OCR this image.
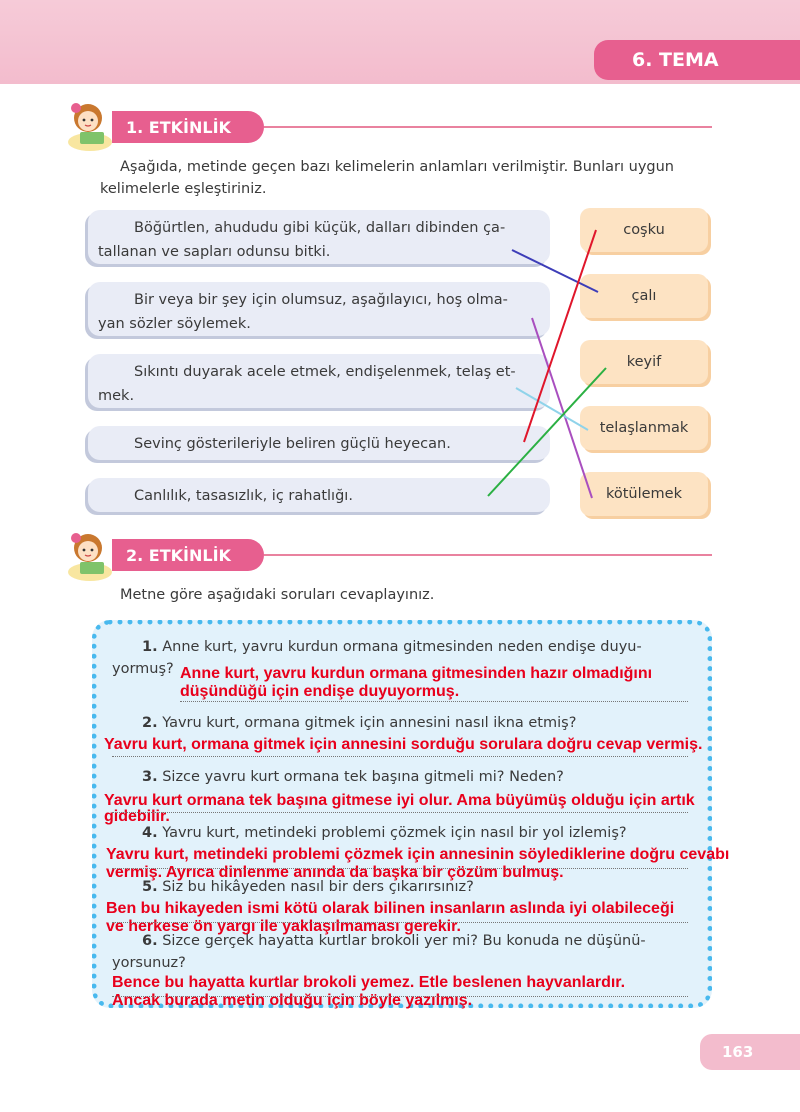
6. TEMA
1. ETKİNLİK

Aşağıda, metinde geçen bazı kelimelerin anlamları verilmiştir. Bunları uygun
kelimelerle eşleştiriniz.

Böğürtlen, ahududu gibi küçük, dalları dibinden ça-
tallanan ve sapları odunsu bitki.
Bir veya bir şey için olumsuz, aşağılayıcı, hoş olma-
yan sözler söylemek.
Sıkıntı duyarak acele etmek, endişelenmek, telaş et-
mek.
Sevinç gösterileriyle beliren güçlü heyecan.
Canlılık, tasasızlık, iç rahatlığı.
coşku
çalı
keyif
telaşlanmak
kötülemek
2. ETKİNLİK

Metne göre aşağıdaki soruları cevaplayınız.

1. Anne kurt, yavru kurdun ormana gitmesinden neden endişe duyu-
yormuş? Anne kurt, yavru kurdun ormana gitmesinden hazır olmadığını
düşündüğü için endişe duyuyormuş.
2. Yavru kurt, ormana gitmek için annesini nasıl ikna etmiş?
Yavru kurt, ormana gitmek için annesini sorduğu sorulara doğru cevap vermiş.
3. Sizce yavru kurt ormana tek başına gitmeli mi? Neden?
Yavru kurt ormana tek başına gitmese iyi olur. Ama büyümüş olduğu için artık
gidebilir.
4. Yavru kurt, metindeki problemi çözmek için nasıl bir yol izlemiş?
Yavru kurt, metindeki problemi çözmek için annesinin söylediklerine doğru cevabı
vermiş. Ayrıca dinlenme anında da başka bir çözüm bulmuş.
5. Siz bu hikâyeden nasıl bir ders çıkarırsınız?
Ben bu hikayeden ismi kötü olarak bilinen insanların aslında iyi olabileceği
ve herkese ön yargı ile yaklaşılmaması gerekir.
6. Sizce gerçek hayatta kurtlar brokoli yer mi? Bu konuda ne düşünü-
yorsunuz?
Bence bu hayatta kurtlar brokoli yemez. Etle beslenen hayvanlardır.
Ancak burada metin olduğu için böyle yazılmış.
163
